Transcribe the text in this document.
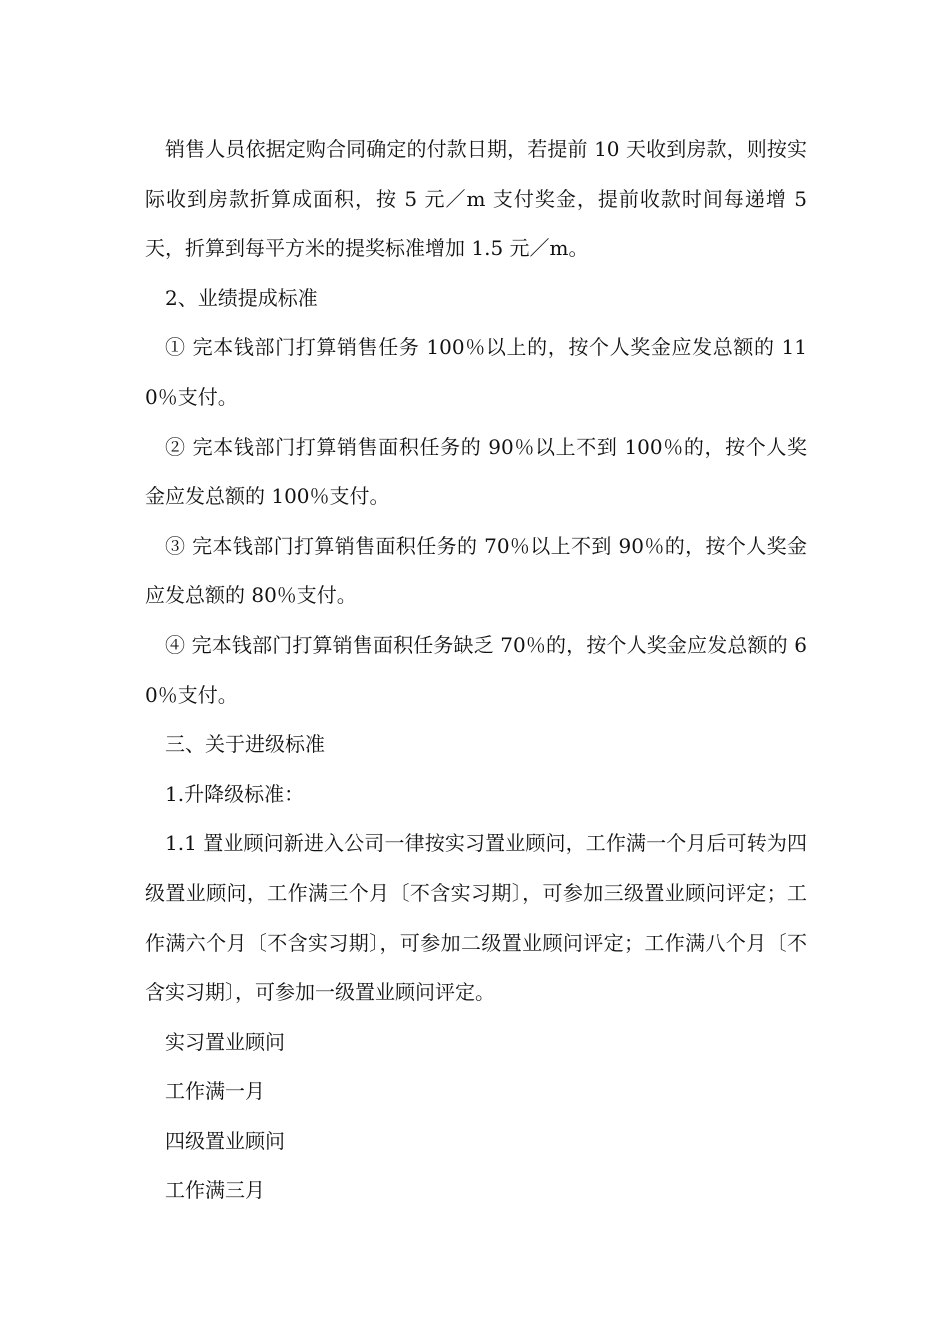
销售人员依据定购合同确定的付款日期，若提前 10 天收到房款，则按实际收到房款折算成面积，按 5 元／m 支付奖金，提前收款时间每递增 5 天，折算到每平方米的提奖标准增加 1.5 元／m。

2、业绩提成标准

① 完本钱部门打算销售任务 100％以上的，按个人奖金应发总额的 110％支付。

② 完本钱部门打算销售面积任务的 90％以上不到 100％的，按个人奖金应发总额的 100％支付。

③ 完本钱部门打算销售面积任务的 70％以上不到 90％的，按个人奖金应发总额的 80％支付。

④ 完本钱部门打算销售面积任务缺乏 70％的，按个人奖金应发总额的 60％支付。

三、关于进级标准

1.升降级标准：

1.1 置业顾问新进入公司一律按实习置业顾问，工作满一个月后可转为四级置业顾问，工作满三个月〔不含实习期〕，可参加三级置业顾问评定；工作满六个月〔不含实习期〕，可参加二级置业顾问评定；工作满八个月〔不含实习期〕，可参加一级置业顾问评定。

实习置业顾问

工作满一月

四级置业顾问

工作满三月
